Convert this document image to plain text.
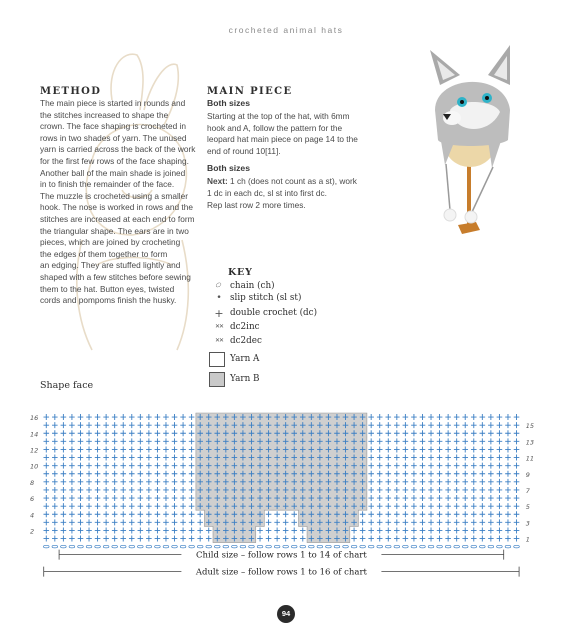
crocheted animal hats
METHOD
The main piece is started in rounds and
the stitches increased to shape the
crown. The face shaping is crocheted in
rows in two shades of yarn. The unused
yarn is carried across the back of the work
for the first few rows of the face shaping.
Another ball of the main shade is joined
in to finish the remainder of the face.
The muzzle is crocheted using a smaller
hook. The nose is worked in rows and the
stitches are increased at each end to form
the triangular shape. The ears are in two
pieces, which are joined by crocheting
the edges of them together to form
an edging. They are stuffed lightly and
shaped with a few stitches before sewing
them to the hat. Button eyes, twisted
cords and pompoms finish the husky.
MAIN PIECE
Both sizes
Starting at the top of the hat, with 6mm
hook and A, follow the pattern for the
leopard hat main piece on page 14 to the
end of round 10[11].
Both sizes
Next: 1 ch (does not count as a st), work
1 dc in each dc, sl st into first dc.
Rep last row 2 more times.
KEY
⬭ chain (ch)
• slip stitch (sl st)
+ double crochet (dc)
✕✕ dc2inc
✕✕ dc2dec
Yarn A
Yarn B
Shape face
16
14
12
10
8
6
4
2
15
13
11
9
7
5
3
1
Child size – follow rows 1 to 14 of chart
Adult size – follow rows 1 to 16 of chart
94
